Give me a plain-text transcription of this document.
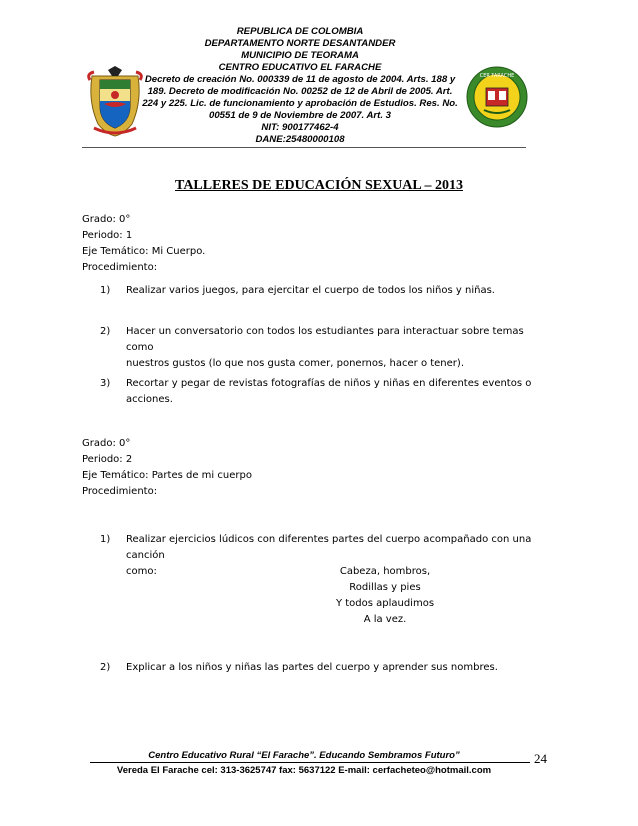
CER FARACHE
REPUBLICA DE COLOMBIA
DEPARTAMENTO NORTE DESANTANDER
MUNICIPIO DE TEORAMA
CENTRO EDUCATIVO EL FARACHE
Decreto de creación No. 000339 de 11 de agosto de 2004. Arts. 188 y
189. Decreto de modificación No. 00252 de 12 de Abril de 2005. Art.
224 y 225. Lic. de funcionamiento y aprobación de Estudios. Res. No.
00551 de 9 de Noviembre de 2007. Art. 3
NIT: 900177462-4
DANE:25480000108
TALLERES DE EDUCACIÓN SEXUAL – 2013
Grado: 0°
Periodo: 1
Eje Temático: Mi Cuerpo.
Procedimiento:
1) Realizar varios juegos, para ejercitar el cuerpo de todos los niños y niñas.
2) Hacer un conversatorio con todos los estudiantes para interactuar sobre temas como
nuestros gustos (lo que nos gusta comer, ponernos, hacer o tener).
3) Recortar y pegar de revistas fotografías de niños y niñas en diferentes eventos o acciones.
Grado: 0°
Periodo: 2
Eje Temático: Partes de mi cuerpo
Procedimiento:
1) Realizar ejercicios lúdicos con diferentes partes del cuerpo acompañado con una canción
como:	Cabeza, hombros,
Rodillas y pies
Y todos aplaudimos
A la vez.
2) Explicar a los niños y niñas las partes del cuerpo y aprender sus nombres.
Centro Educativo Rural “El Farache”. Educando Sembramos Futuro”
Vereda El Farache cel: 313-3625747 fax: 5637122 E-mail: cerfacheteo@hotmail.com
24
